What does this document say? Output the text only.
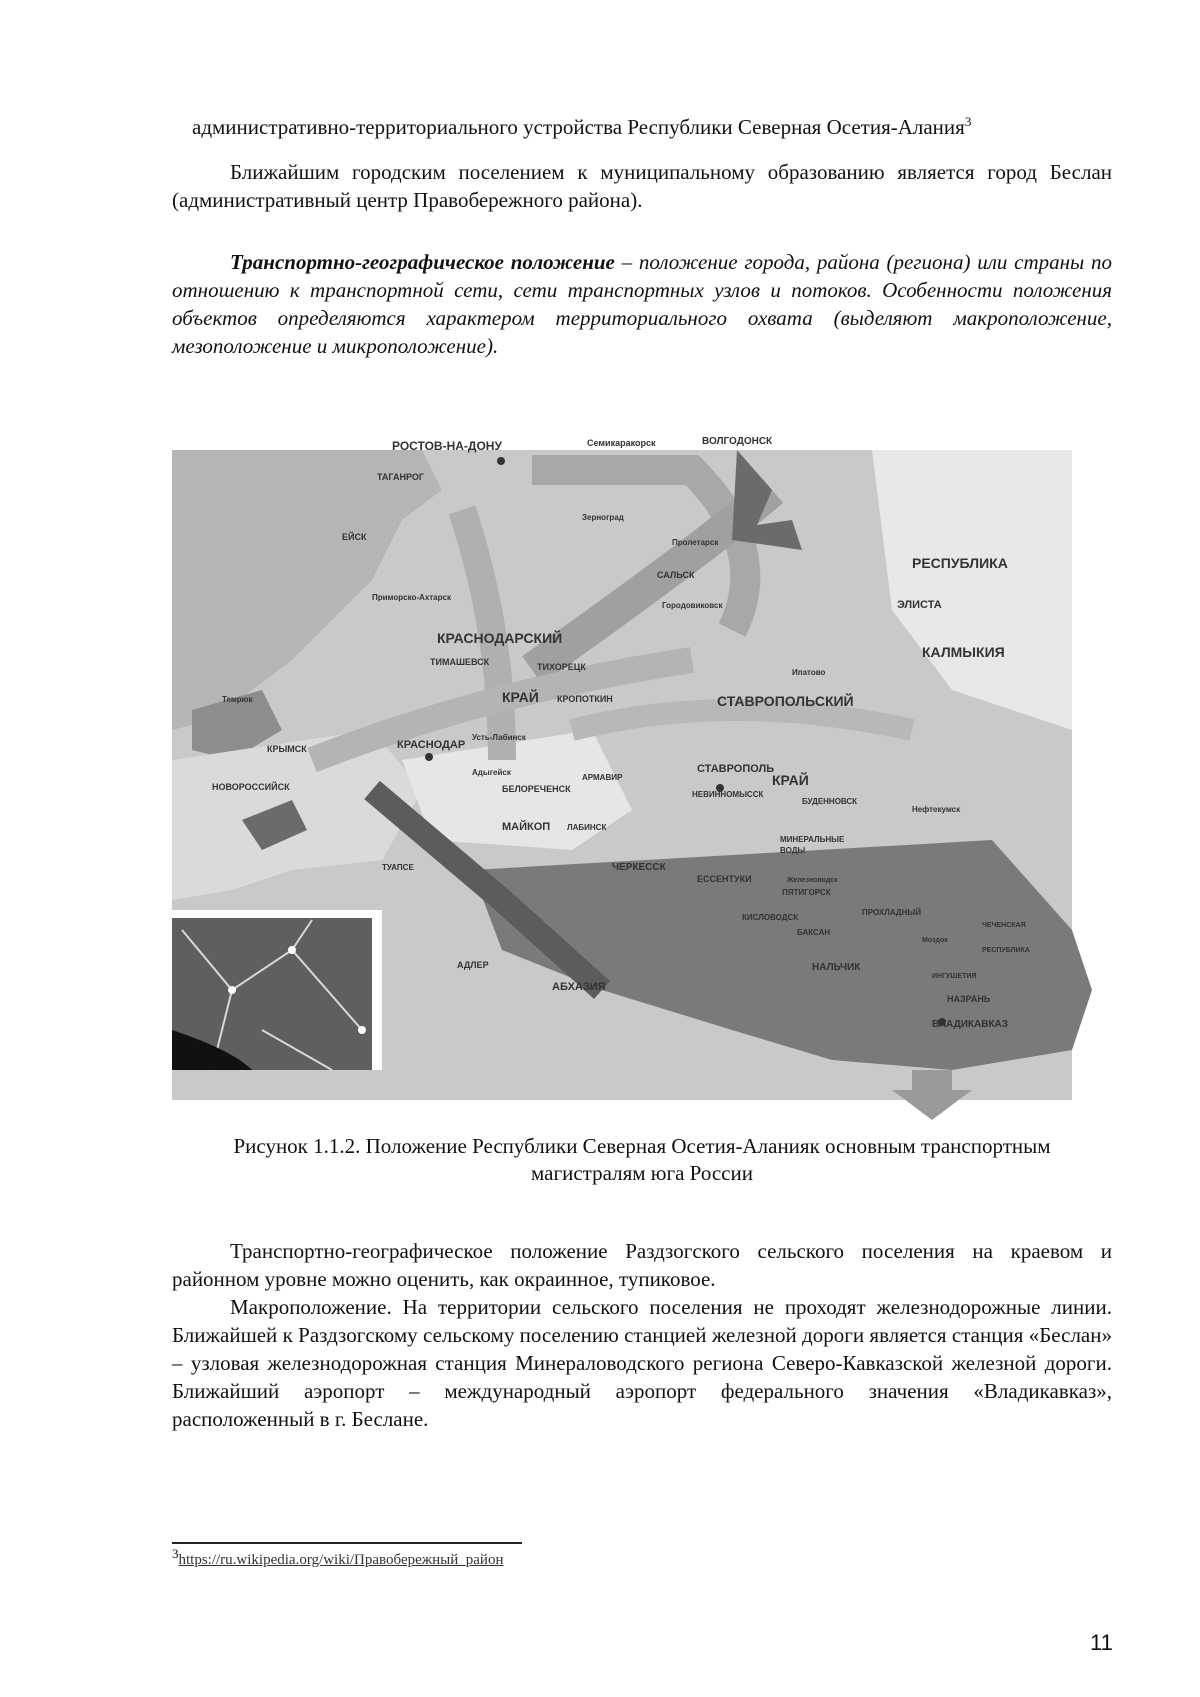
административно-территориального устройства Республики Северная Осетия-Алания$^3$

Ближайшим городским поселением к муниципальному образованию является город Беслан (административный центр Правобережного района).

Транспортно-географическое положение – положение города, района (региона) или страны по отношению к транспортной сети, сети транспортных узлов и потоков. Особенности положения объектов определяются характером территориального охвата (выделяют макроположение, мезоположение и микроположение).

РОСТОВ-НА-ДОНУ	Семикаракорск	ВОЛГОДОНСК
ТАГАНРОГ
ЕЙСК
Зерноград
Пролетарск
САЛЬСК
Городовиковск
РЕСПУБЛИКА
ЭЛИСТА
КАЛМЫКИЯ
Приморско-Ахтарск
КРАСНОДАРСКИЙ
КРАЙ
ТИМАШЕВСК	ТИХОРЕЦК
КРОПОТКИН
Ипатово
СТАВРОПОЛЬСКИЙ
КРАЙ
Темрюк
КРЫМСК	КРАСНОДАР
Усть-Лабинск
СТАВРОПОЛЬ
НОВОРОССИЙСК
Адыгейск
АРМАВИР
НЕВИННОМЫССК
БУДЕННОВСК
Нефтекумск
БЕЛОРЕЧЕНСК
МАЙКОП ЛАБИНСК
МИНЕРАЛЬНЫЕ
ВОДЫ
ТУАПСЕ	ЧЕРКЕССК
ЕССЕНТУКИ
ПЯТИГОРСК
Железноводск
КИСЛОВОДСК
ПРОХЛАДНЫЙ
ЧЕЧЕНСКАЯ
РЕСПУБЛИКА
Моздок
БАКСАН
НАЛЬЧИК
ИНГУШЕТИЯ
НАЗРАНЬ
ВЛАДИКАВКАЗ
АДЛЕР
АБХАЗИЯ
Рисунок 1.1.2. Положение Республики Северная Осетия-Аланияк основным транспортным
магистралям юга России

Транспортно-географическое положение Раздзогского сельского поселения на краевом и районном уровне можно оценить, как окраинное, тупиковое.

Макроположение. На территории сельского поселения не проходят железнодорожные линии. Ближайшей к Раздзогскому сельскому поселению станцией железной дороги является станция «Беслан» – узловая железнодорожная станция Минераловодского региона Северо-Кавказской железной дороги. Ближайший аэропорт – международный аэропорт федерального значения «Владикавказ», расположенный в г. Беслане.

$^3$https://ru.wikipedia.org/wiki/Правобережный_район
11
